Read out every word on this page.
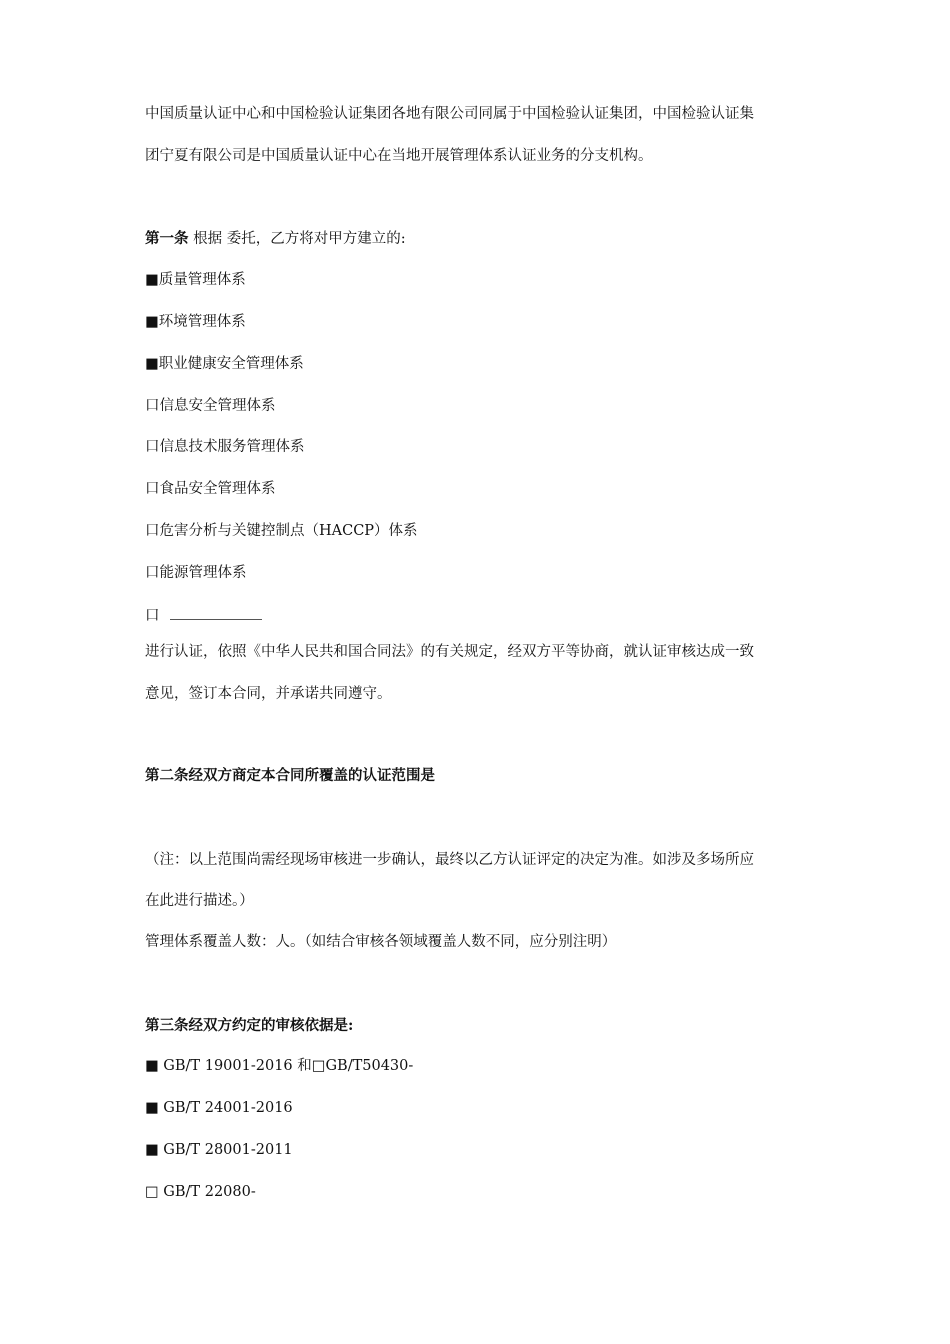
中国质量认证中心和中国检验认证集团各地有限公司同属于中国检验认证集团，中国检验认证集

团宁夏有限公司是中国质量认证中心在当地开展管理体系认证业务的分支机构。

第一条 根据 委托，乙方将对甲方建立的:

■质量管理体系

■环境管理体系

■职业健康安全管理体系

口信息安全管理体系

口信息技术服务管理体系

口食品安全管理体系

口危害分析与关键控制点（HACCP）体系

口能源管理体系

口

进行认证，依照《中华人民共和国合同法》的有关规定，经双方平等协商，就认证审核达成一致

意见，签订本合同，并承诺共同遵守。

第二条经双方商定本合同所覆盖的认证范围是

（注：以上范围尚需经现场审核进一步确认，最终以乙方认证评定的决定为准。如涉及多场所应

在此进行描述。）

管理体系覆盖人数：人。（如结合审核各领域覆盖人数不同，应分别注明）

第三条经双方约定的审核依据是:

■ GB/T 19001-2016 和□GB/T50430-

■ GB/T 24001-2016

■ GB/T 28001-2011

□ GB/T 22080-
